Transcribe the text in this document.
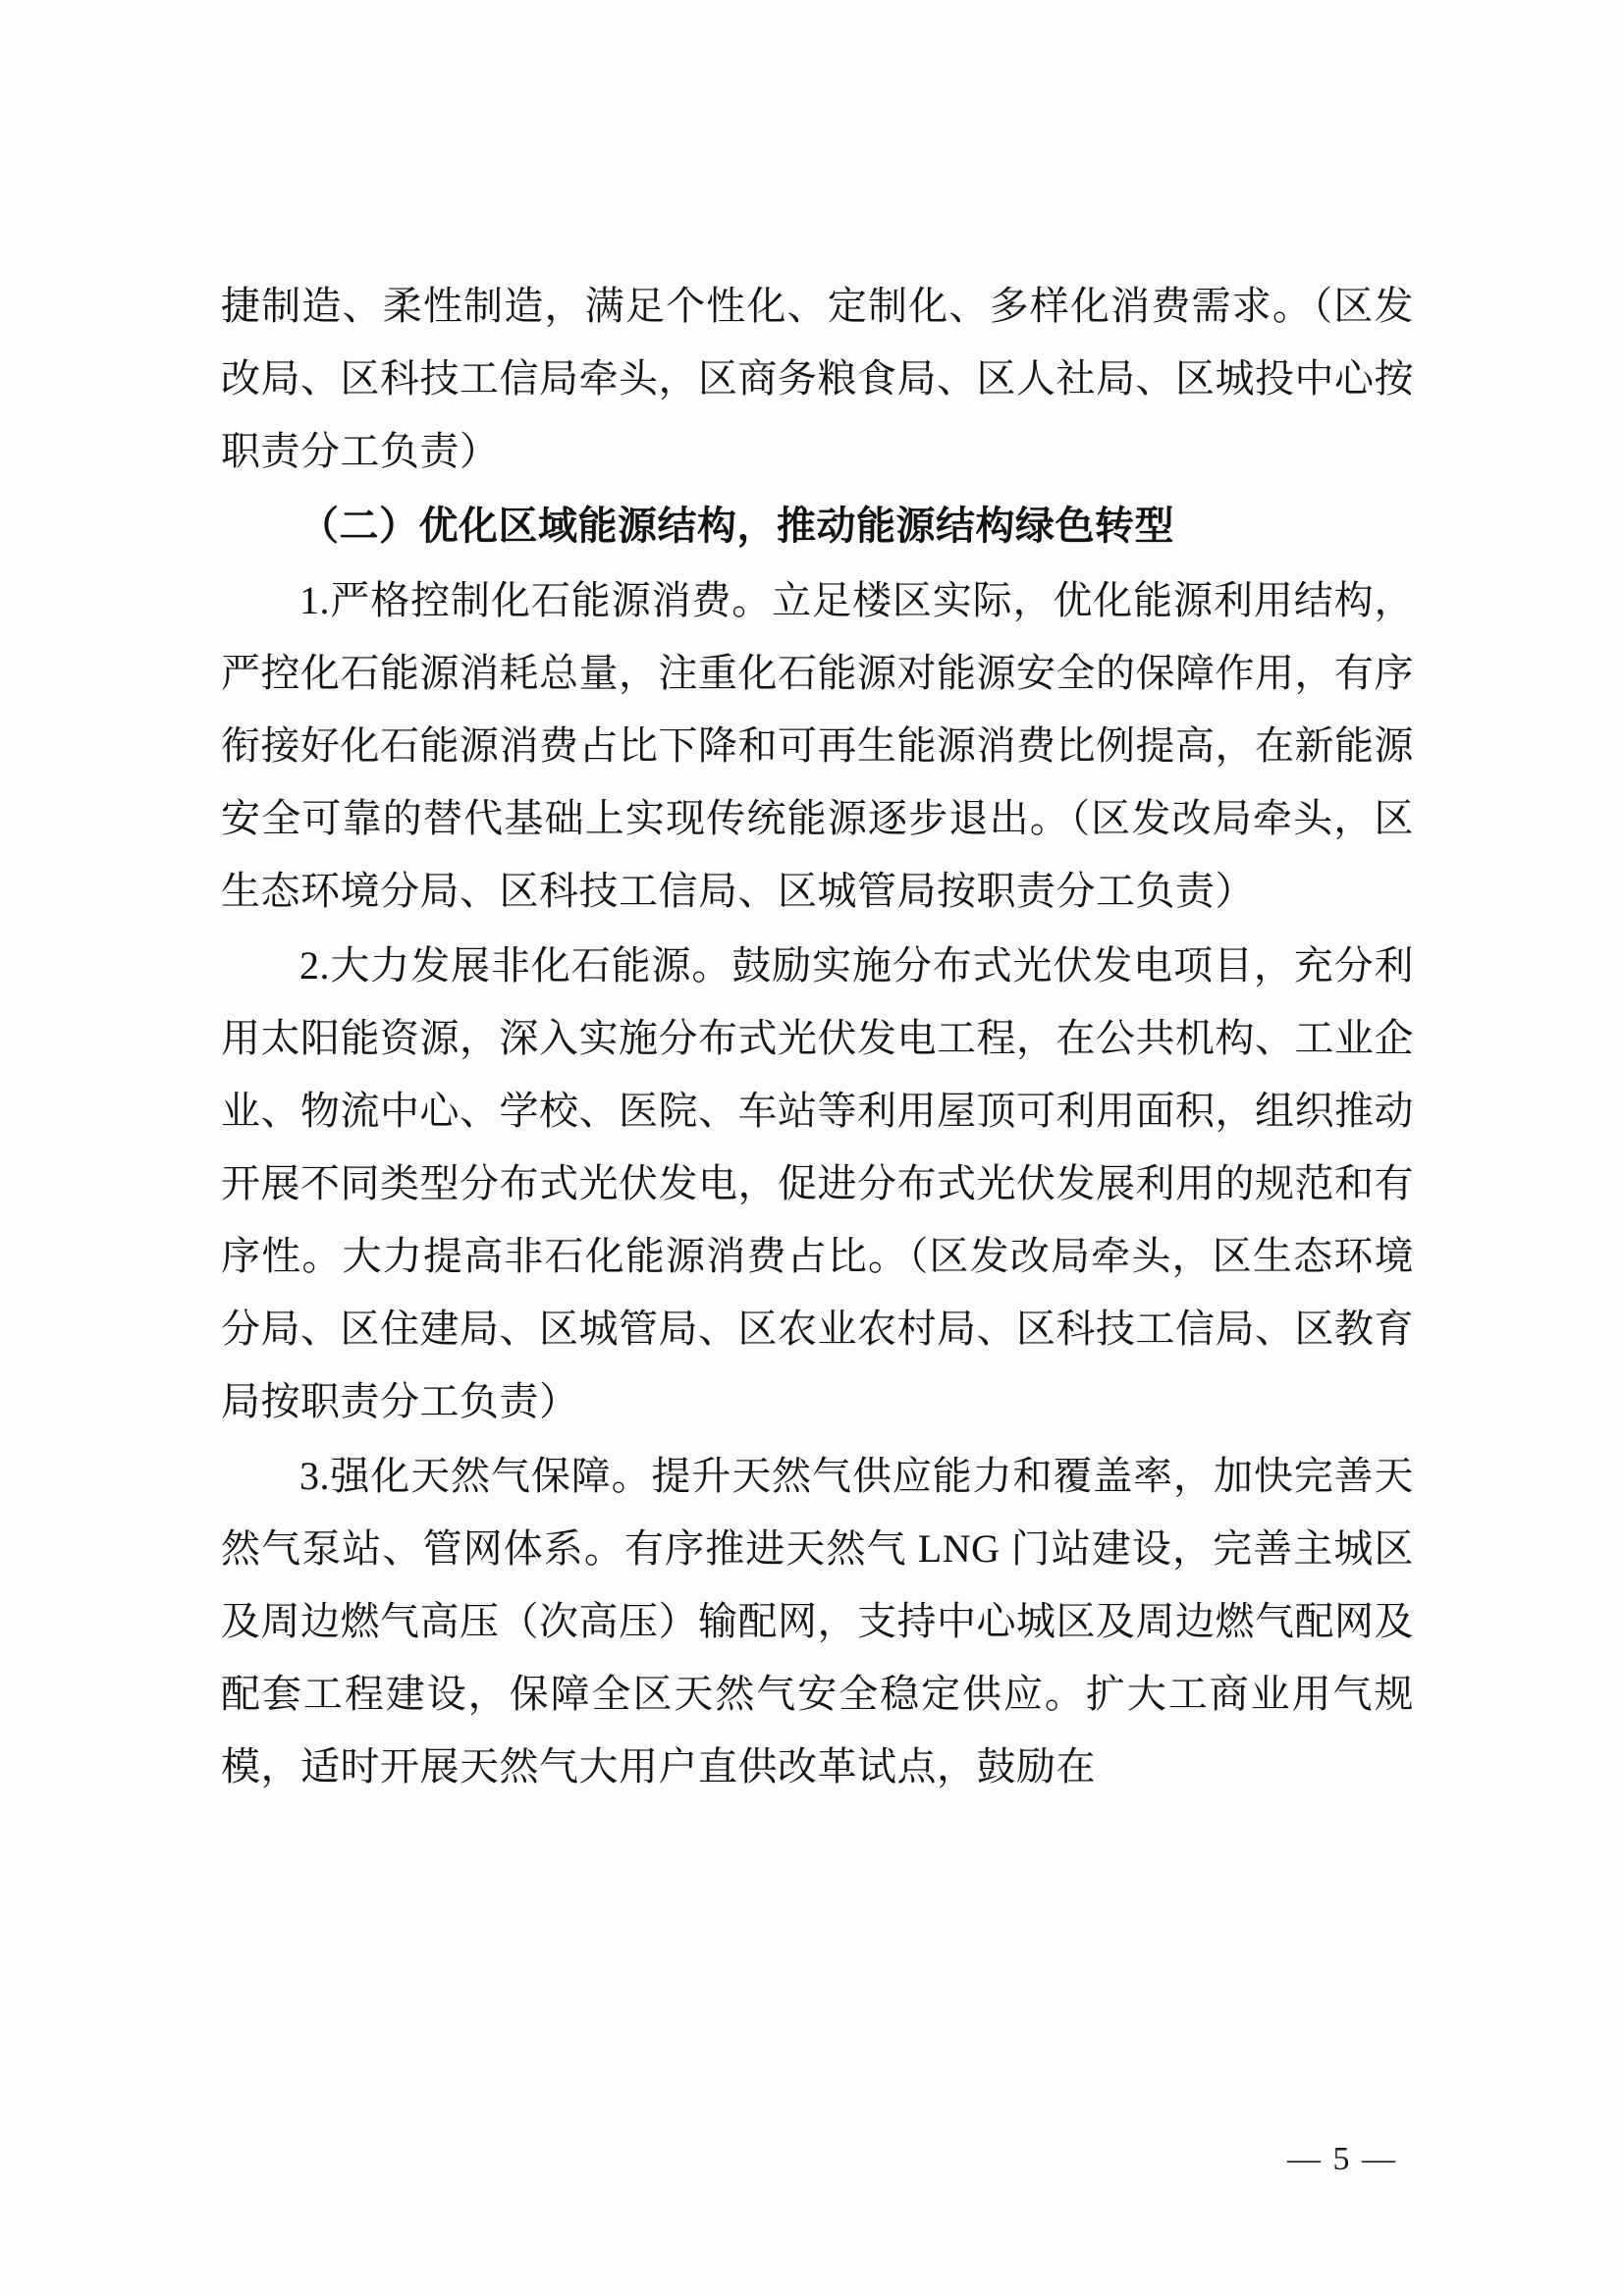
捷制造、柔性制造，满足个性化、定制化、多样化消费需求。（区发改局、区科技工信局牵头，区商务粮食局、区人社局、区城投中心按职责分工负责）

（二）优化区域能源结构，推动能源结构绿色转型

1.严格控制化石能源消费。立足楼区实际，优化能源利用结构，严控化石能源消耗总量，注重化石能源对能源安全的保障作用，有序衔接好化石能源消费占比下降和可再生能源消费比例提高，在新能源安全可靠的替代基础上实现传统能源逐步退出。（区发改局牵头，区生态环境分局、区科技工信局、区城管局按职责分工负责）

2.大力发展非化石能源。鼓励实施分布式光伏发电项目，充分利用太阳能资源，深入实施分布式光伏发电工程，在公共机构、工业企业、物流中心、学校、医院、车站等利用屋顶可利用面积，组织推动开展不同类型分布式光伏发电，促进分布式光伏发展利用的规范和有序性。大力提高非石化能源消费占比。（区发改局牵头，区生态环境分局、区住建局、区城管局、区农业农村局、区科技工信局、区教育局按职责分工负责）

3.强化天然气保障。提升天然气供应能力和覆盖率，加快完善天然气泵站、管网体系。有序推进天然气 LNG 门站建设，完善主城区及周边燃气高压（次高压）输配网，支持中心城区及周边燃气配网及配套工程建设，保障全区天然气安全稳定供应。扩大工商业用气规模，适时开展天然气大用户直供改革试点，鼓励在

— 5 —
